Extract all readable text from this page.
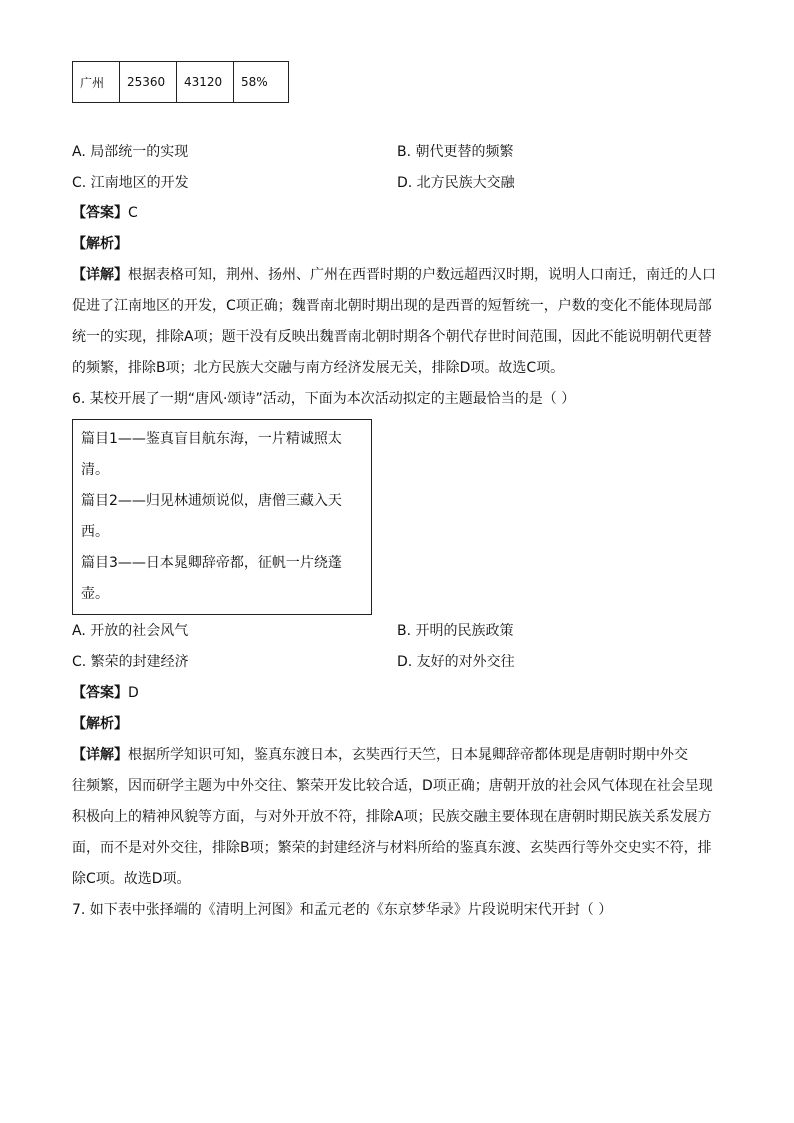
广州	25360	43120	58%
A. 局部统一的实现	B. 朝代更替的频繁
C. 江南地区的开发	D. 北方民族大交融
【答案】C
【解析】
【详解】根据表格可知，荆州、扬州、广州在西晋时期的户数远超西汉时期，说明人口南迁，南迁的人口
促进了江南地区的开发，C项正确；魏晋南北朝时期出现的是西晋的短暂统一，户数的变化不能体现局部
统一的实现，排除A项；题干没有反映出魏晋南北朝时期各个朝代存世时间范围，因此不能说明朝代更替
的频繁，排除B项；北方民族大交融与南方经济发展无关，排除D项。故选C项。
6. 某校开展了一期“唐风·颂诗”活动，下面为本次活动拟定的主题最恰当的是（ ）
篇目1——鉴真盲目航东海，一片精诚照太
清。
篇目2——归见林逋烦说似，唐僧三藏入天
西。
篇目3——日本晁卿辞帝都，征帆一片绕蓬
壶。
A. 开放的社会风气	B. 开明的民族政策
C. 繁荣的封建经济	D. 友好的对外交往
【答案】D
【解析】
【详解】根据所学知识可知，鉴真东渡日本，玄奘西行天竺，日本晁卿辞帝都体现是唐朝时期中外交
往频繁，因而研学主题为中外交往、繁荣开发比较合适，D项正确；唐朝开放的社会风气体现在社会呈现
积极向上的精神风貌等方面，与对外开放不符，排除A项；民族交融主要体现在唐朝时期民族关系发展方
面，而不是对外交往，排除B项；繁荣的封建经济与材料所给的鉴真东渡、玄奘西行等外交史实不符，排
除C项。故选D项。
7. 如下表中张择端的《清明上河图》和孟元老的《东京梦华录》片段说明宋代开封（ ）
